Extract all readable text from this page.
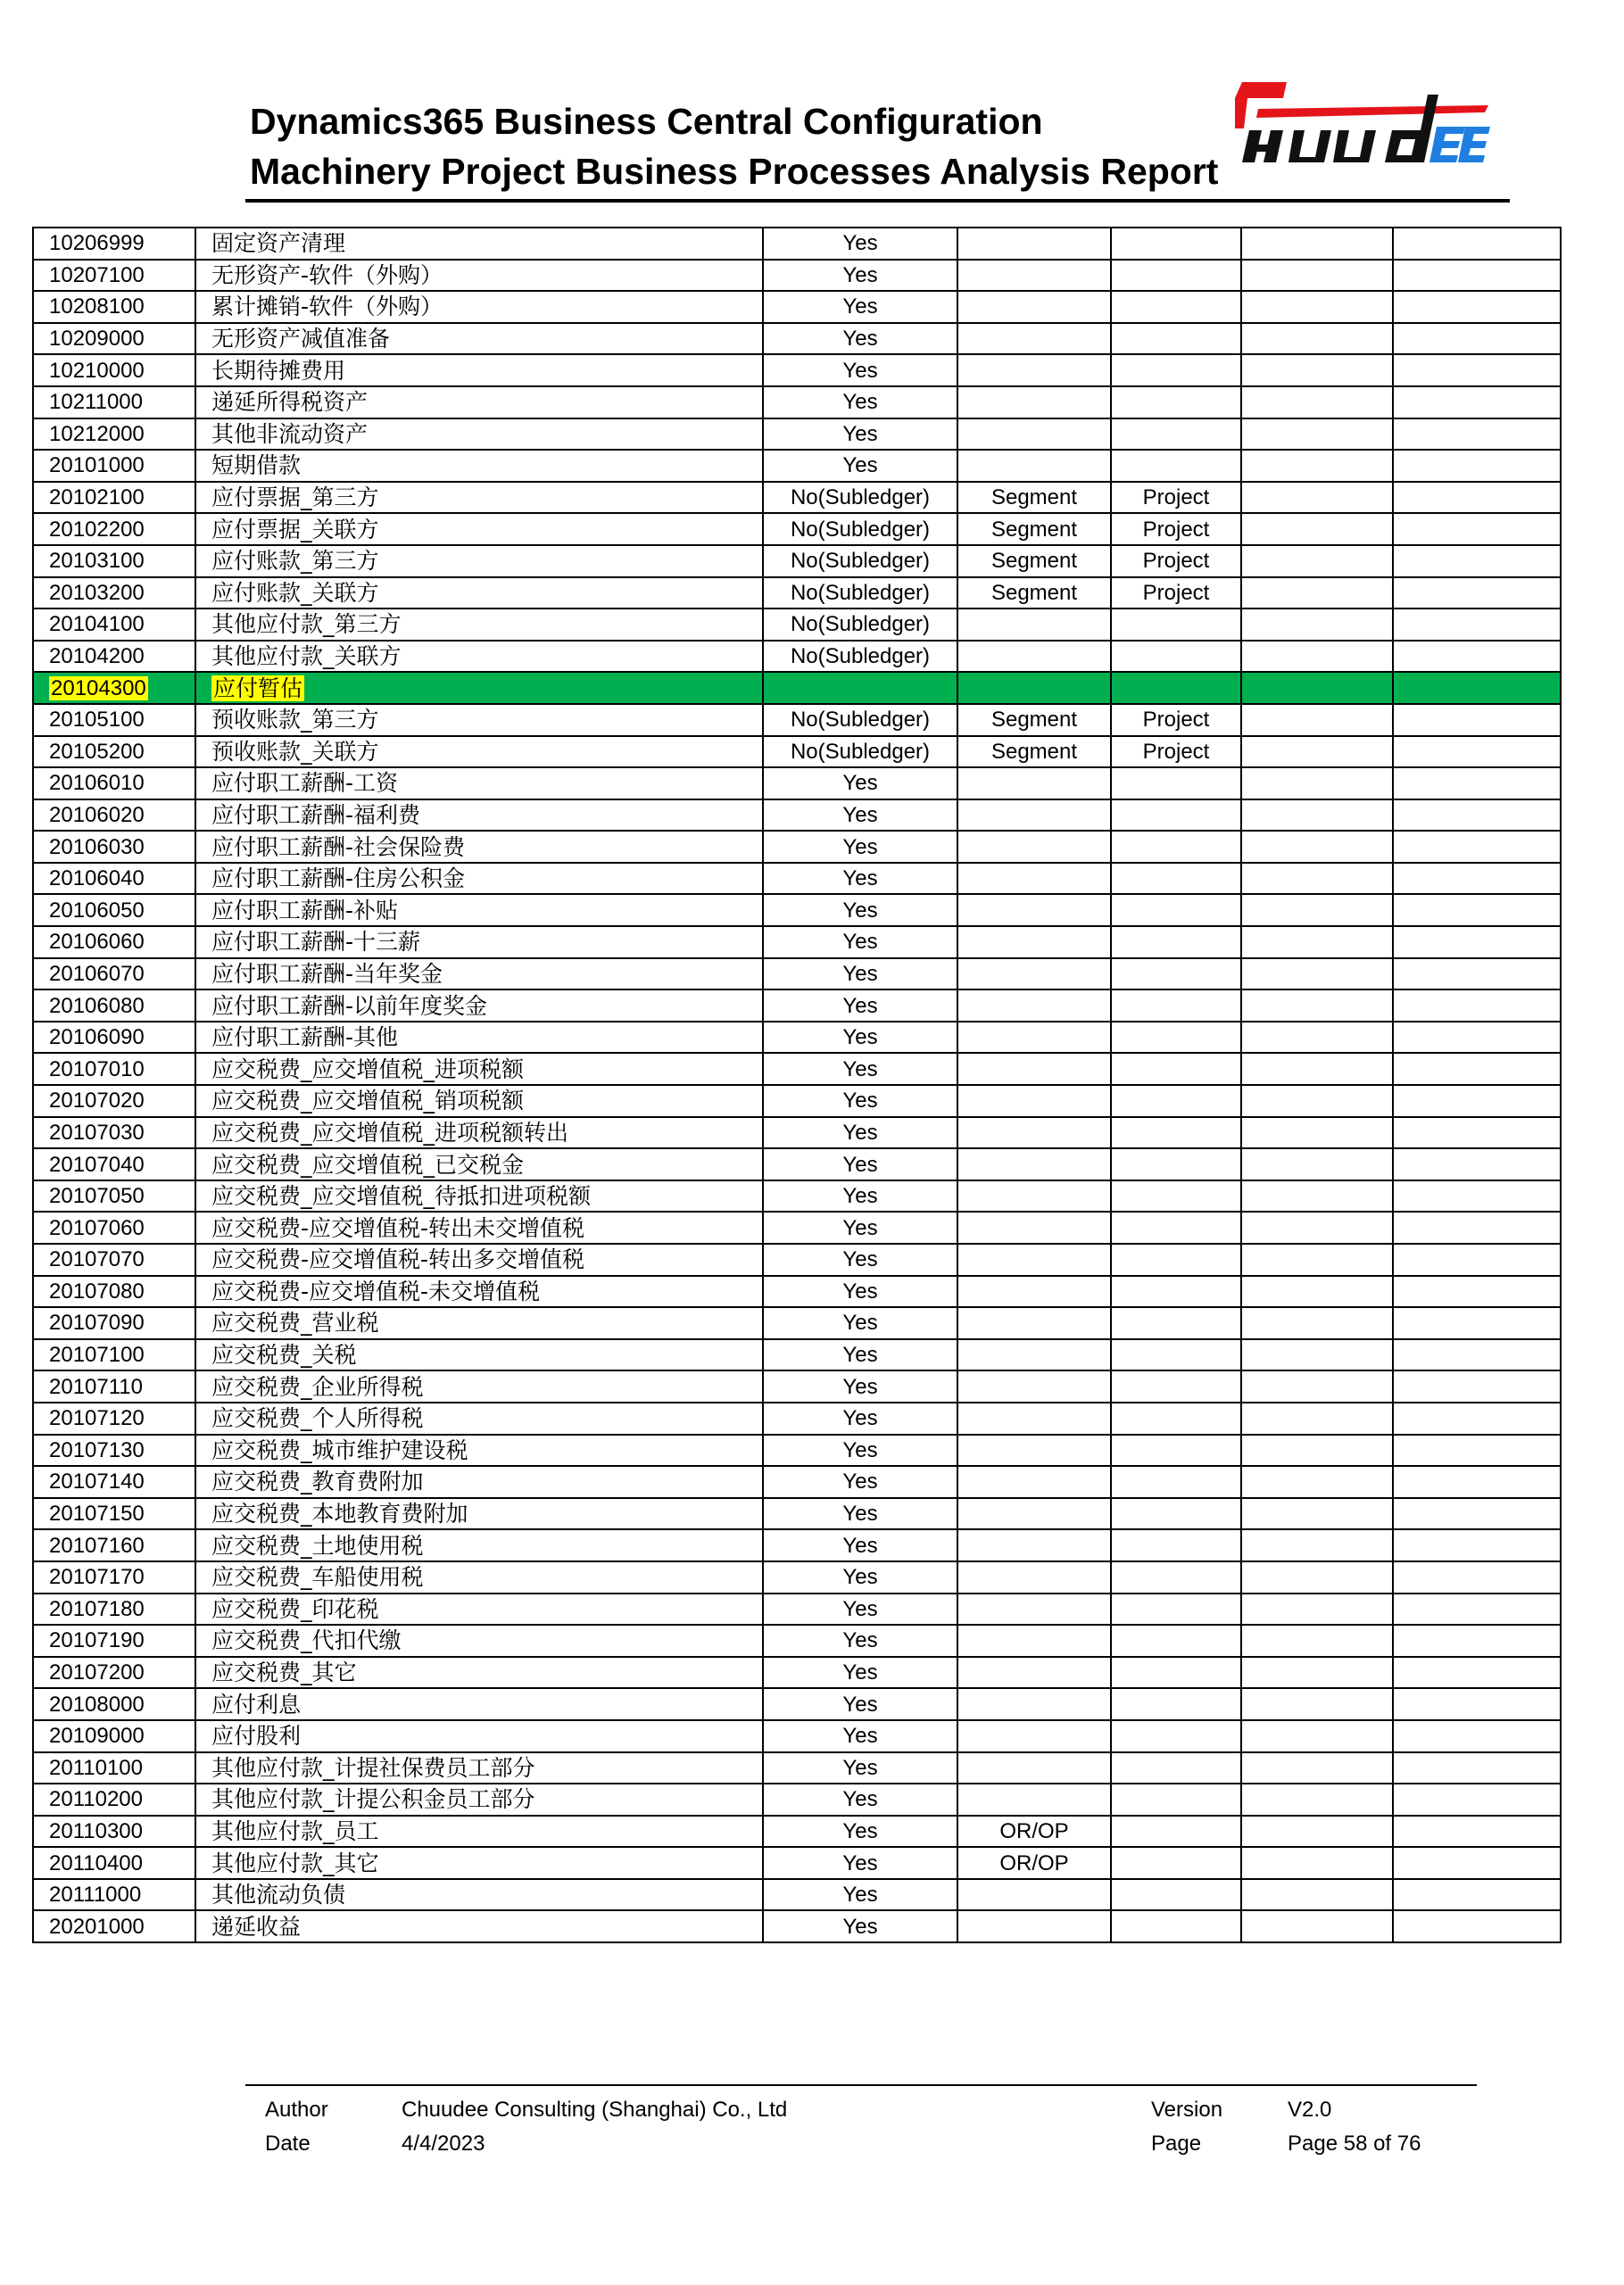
Dynamics365 Business Central Configuration
Machinery Project Business Processes Analysis Report
10206999	固定资产清理	Yes				
10207100	无形资产-软件（外购）	Yes				
10208100	累计摊销-软件（外购）	Yes				
10209000	无形资产减值准备	Yes				
10210000	长期待摊费用	Yes				
10211000	递延所得税资产	Yes				
10212000	其他非流动资产	Yes				
20101000	短期借款	Yes				
20102100	应付票据_第三方	No(Subledger)	Segment	Project		
20102200	应付票据_关联方	No(Subledger)	Segment	Project		
20103100	应付账款_第三方	No(Subledger)	Segment	Project		
20103200	应付账款_关联方	No(Subledger)	Segment	Project		
20104100	其他应付款_第三方	No(Subledger)				
20104200	其他应付款_关联方	No(Subledger)				
20104300	应付暂估					
20105100	预收账款_第三方	No(Subledger)	Segment	Project		
20105200	预收账款_关联方	No(Subledger)	Segment	Project		
20106010	应付职工薪酬-工资	Yes				
20106020	应付职工薪酬-福利费	Yes				
20106030	应付职工薪酬-社会保险费	Yes				
20106040	应付职工薪酬-住房公积金	Yes				
20106050	应付职工薪酬-补贴	Yes				
20106060	应付职工薪酬-十三薪	Yes				
20106070	应付职工薪酬-当年奖金	Yes				
20106080	应付职工薪酬-以前年度奖金	Yes				
20106090	应付职工薪酬-其他	Yes				
20107010	应交税费_应交增值税_进项税额	Yes				
20107020	应交税费_应交增值税_销项税额	Yes				
20107030	应交税费_应交增值税_进项税额转出	Yes				
20107040	应交税费_应交增值税_已交税金	Yes				
20107050	应交税费_应交增值税_待抵扣进项税额	Yes				
20107060	应交税费-应交增值税-转出未交增值税	Yes				
20107070	应交税费-应交增值税-转出多交增值税	Yes				
20107080	应交税费-应交增值税-未交增值税	Yes				
20107090	应交税费_营业税	Yes				
20107100	应交税费_关税	Yes				
20107110	应交税费_企业所得税	Yes				
20107120	应交税费_个人所得税	Yes				
20107130	应交税费_城市维护建设税	Yes				
20107140	应交税费_教育费附加	Yes				
20107150	应交税费_本地教育费附加	Yes				
20107160	应交税费_土地使用税	Yes				
20107170	应交税费_车船使用税	Yes				
20107180	应交税费_印花税	Yes				
20107190	应交税费_代扣代缴	Yes				
20107200	应交税费_其它	Yes				
20108000	应付利息	Yes				
20109000	应付股利	Yes				
20110100	其他应付款_计提社保费员工部分	Yes				
20110200	其他应付款_计提公积金员工部分	Yes				
20110300	其他应付款_员工	Yes	OR/OP			
20110400	其他应付款_其它	Yes	OR/OP			
20111000	其他流动负债	Yes				
20201000	递延收益	Yes				
Author
Date
Chuudee Consulting (Shanghai) Co., Ltd
4/4/2023
Version
Page
V2.0
Page 58 of 76
